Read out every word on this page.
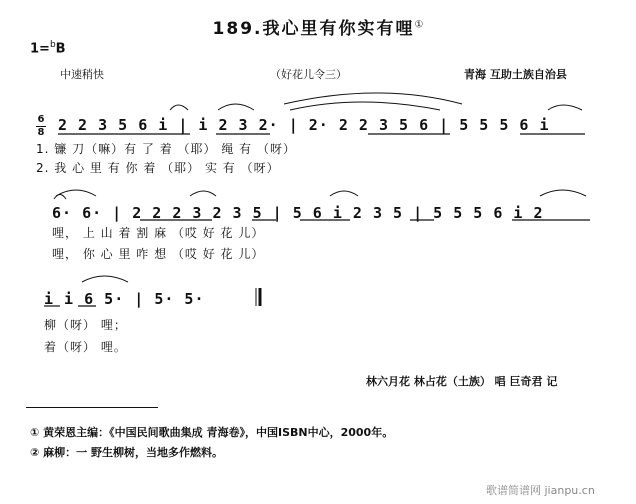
189.我心里有你实有哩①
1=$^b$B
中速稍快	（好花儿令三）	青海 互助土族自治县
6
8 2 2 3 5 6 i | i 2 3 2· | 2· 2 2 3 5 6 | 5 5 5 6 i
1. 镰 刀（嘛）有 了 着 （耶） 绳 有 （呀）
2. 我 心 里 有 你 着 （耶） 实 有 （呀）
6· 6· | 2 2 2 3 2 3 5 | 5 6 i 2 3 5 | 5 5 5 6 i 2
哩， 上 山 着 割 麻 （哎 好 花 儿）
哩， 你 心 里 咋 想 （哎 好 花 儿）
i i 6 5· | 5· 5·
柳（呀） 哩；
着（呀） 哩。
林六月花 林占花（土族） 唱 巨奇君 记
① 黄荣恩主编：《中国民间歌曲集成 青海卷》，中国ISBN中心，2000年。
② 麻柳：一 野生柳树，当地多作燃料。
歌谱简谱网 jianpu.cn
